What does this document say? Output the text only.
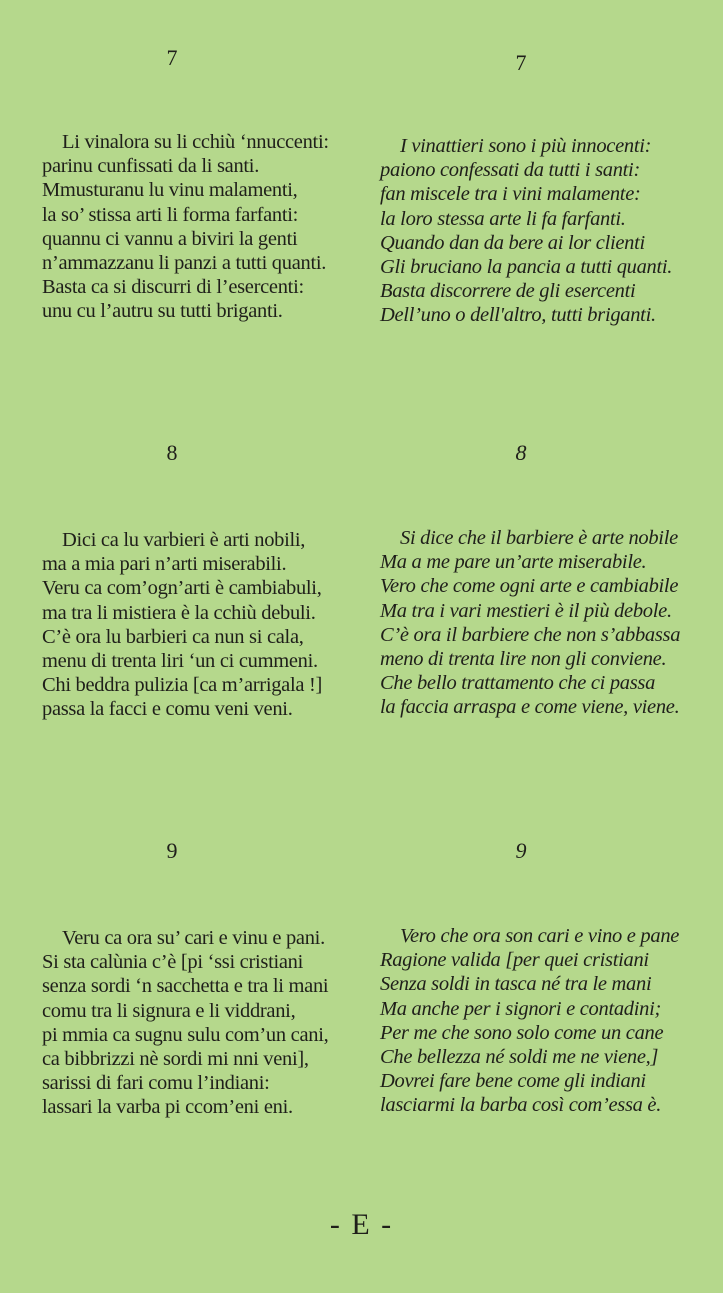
7	7
Li vinalora su li cchiù ‘nnuccenti:
parinu cunfissati da li santi.
Mmusturanu lu vinu malamenti,
la so’ stissa arti li forma farfanti:
quannu ci vannu a biviri la genti
n’ammazzanu li panzi a tutti quanti.
Basta ca si discurri di l’esercenti:
unu cu l’autru su tutti briganti.
I vinattieri sono i più innocenti:
paiono confessati da tutti i santi:
fan miscele tra i vini malamente:
la loro stessa arte li fa farfanti.
Quando dan da bere ai lor clienti
Gli bruciano la pancia a tutti quanti.
Basta discorrere de gli esercenti
Dell’uno o dell'altro, tutti briganti.
8	8
Dici ca lu varbieri è arti nobili,
ma a mia pari n’arti miserabili.
Veru ca com’ogn’arti è cambiabuli,
ma tra li mistiera è la cchiù debuli.
C’è ora lu barbieri ca nun si cala,
menu di trenta liri ‘un ci cummeni.
Chi beddra pulizia [ca m’arrigala !]
passa la facci e comu veni veni.
Si dice che il barbiere è arte nobile
Ma a me pare un’arte miserabile.
Vero che come ogni arte e cambiabile
Ma tra i vari mestieri è il più debole.
C’è ora il barbiere che non s’abbassa
meno di trenta lire non gli conviene.
Che bello trattamento che ci passa
la faccia arraspa e come viene, viene.
9	9
Veru ca ora su’ cari e vinu e pani.
Si sta calùnia c’è [pi ‘ssi cristiani
senza sordi ‘n sacchetta e tra li mani
comu tra li signura e li viddrani,
pi mmia ca sugnu sulu com’un cani,
ca bibbrizzi nè sordi mi nni veni],
sarissi di fari comu l’indiani:
lassari la varba pi ccom’eni eni.
Vero che ora son cari e vino e pane
Ragione valida [per quei cristiani
Senza soldi in tasca né tra le mani
Ma anche per i signori e contadini;
Per me che sono solo come un cane
Che bellezza né soldi me ne viene,]
Dovrei fare bene come gli indiani
lasciarmi la barba così com’essa è.
- E -
